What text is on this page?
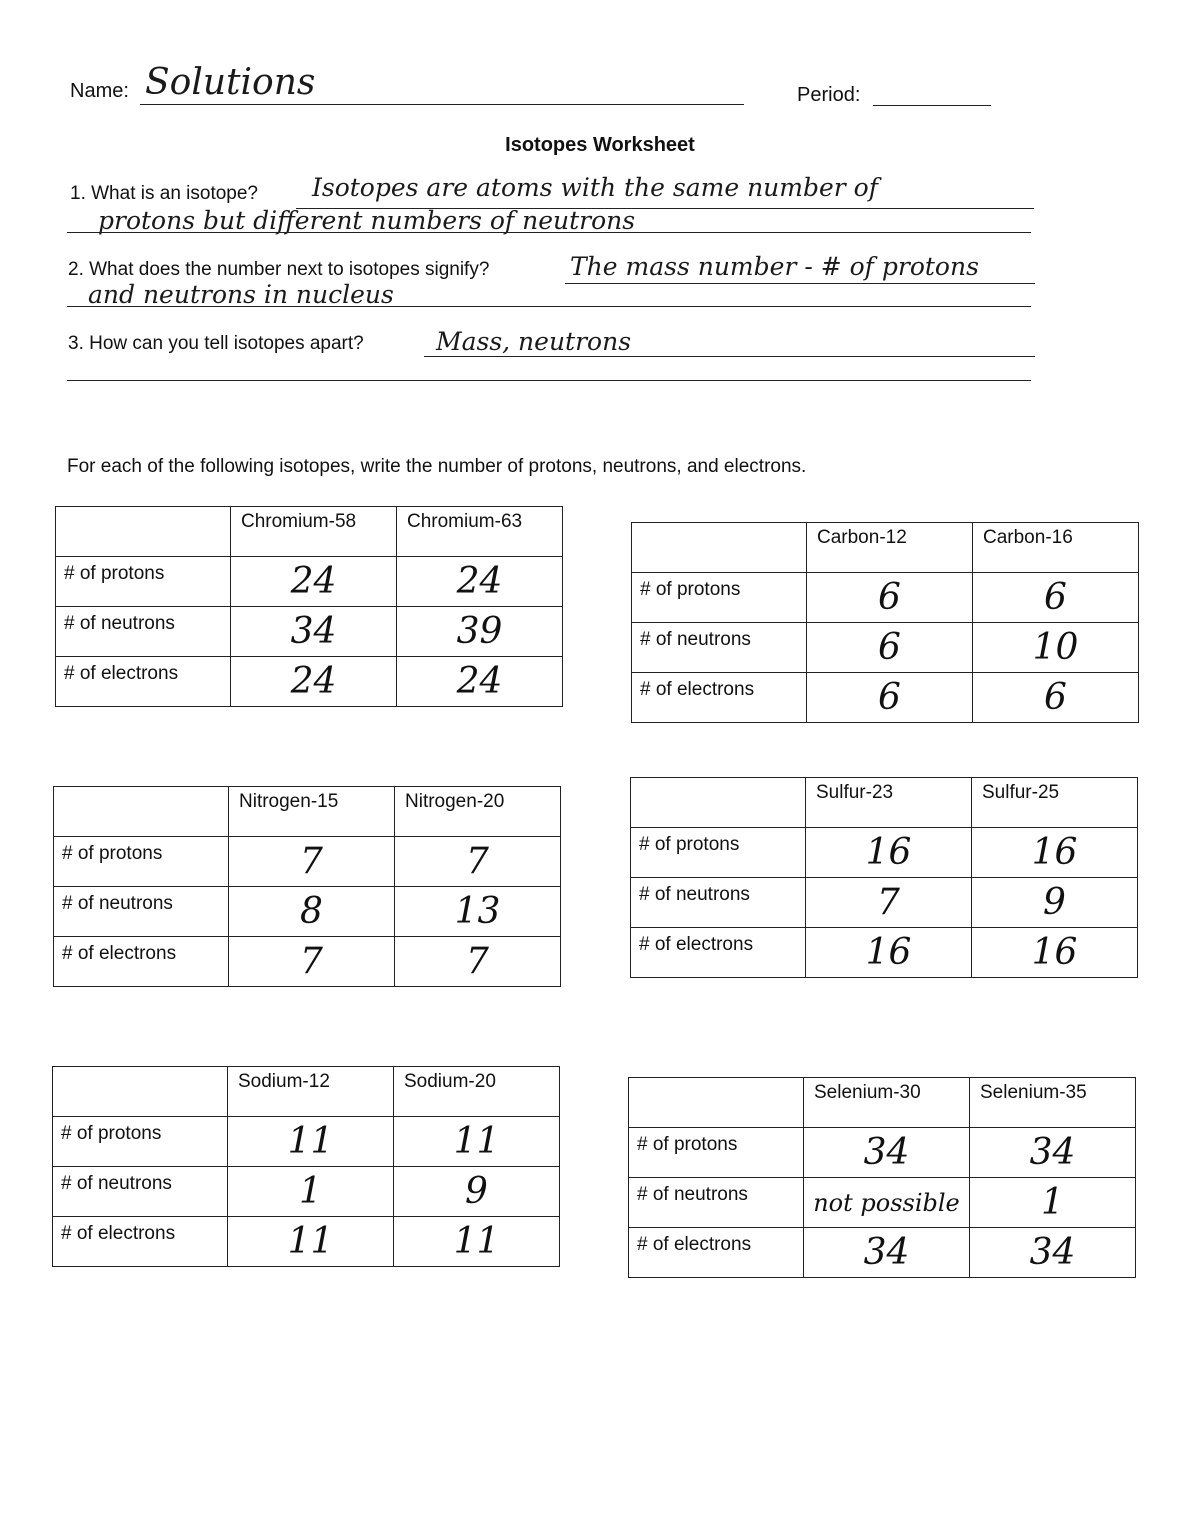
Name: Solutions	Period:
Isotopes Worksheet
1. What is an isotope? Isotopes are atoms with the same number of
protons but different numbers of neutrons
2. What does the number next to isotopes signify?	The mass number - # of protons
and neutrons in nucleus
3. How can you tell isotopes apart?	Mass, neutrons
For each of the following isotopes, write the number of protons, neutrons, and electrons.
	Chromium-58	Chromium-63
# of protons	24	24
# of neutrons	34	39
# of electrons	24	24
	Carbon-12	Carbon-16
# of protons	6	6
# of neutrons	6	10
# of electrons	6	6
	Nitrogen-15	Nitrogen-20
# of protons	7	7
# of neutrons	8	13
# of electrons	7	7
	Sulfur-23	Sulfur-25
# of protons	16	16
# of neutrons	7	9
# of electrons	16	16
	Sodium-12	Sodium-20
# of protons	11	11
# of neutrons	1	9
# of electrons	11	11
	Selenium-30	Selenium-35
# of protons	34	34
# of neutrons	not possible	1
# of electrons	34	34
